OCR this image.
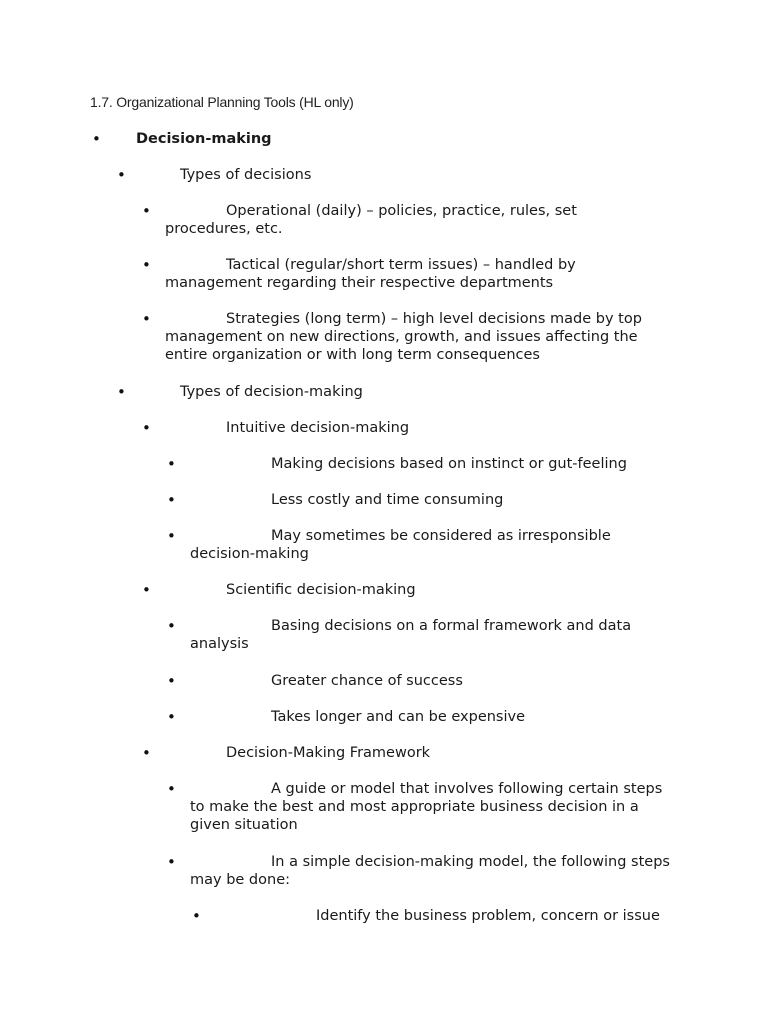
1.7. Organizational Planning Tools (HL only)
• Decision-making
•	Types of decisions
•	Operational (daily) – policies, practice, rules, set procedures, etc.
•	Tactical (regular/short term issues) – handled by management regarding their respective departments
•	Strategies (long term) – high level decisions made by top management on new directions, growth, and issues affecting the entire organization or with long term consequences
•	Types of decision-making
•	Intuitive decision-making
•	Making decisions based on instinct or gut-feeling
•	Less costly and time consuming
•	May sometimes be considered as irresponsible decision-making
•	Scientific decision-making
•	Basing decisions on a formal framework and data analysis
•	Greater chance of success
•	Takes longer and can be expensive
•	Decision-Making Framework
•	A guide or model that involves following certain steps to make the best and most appropriate business decision in a given situation
•	In a simple decision-making model, the following steps may be done:
•	Identify the business problem, concern or issue
